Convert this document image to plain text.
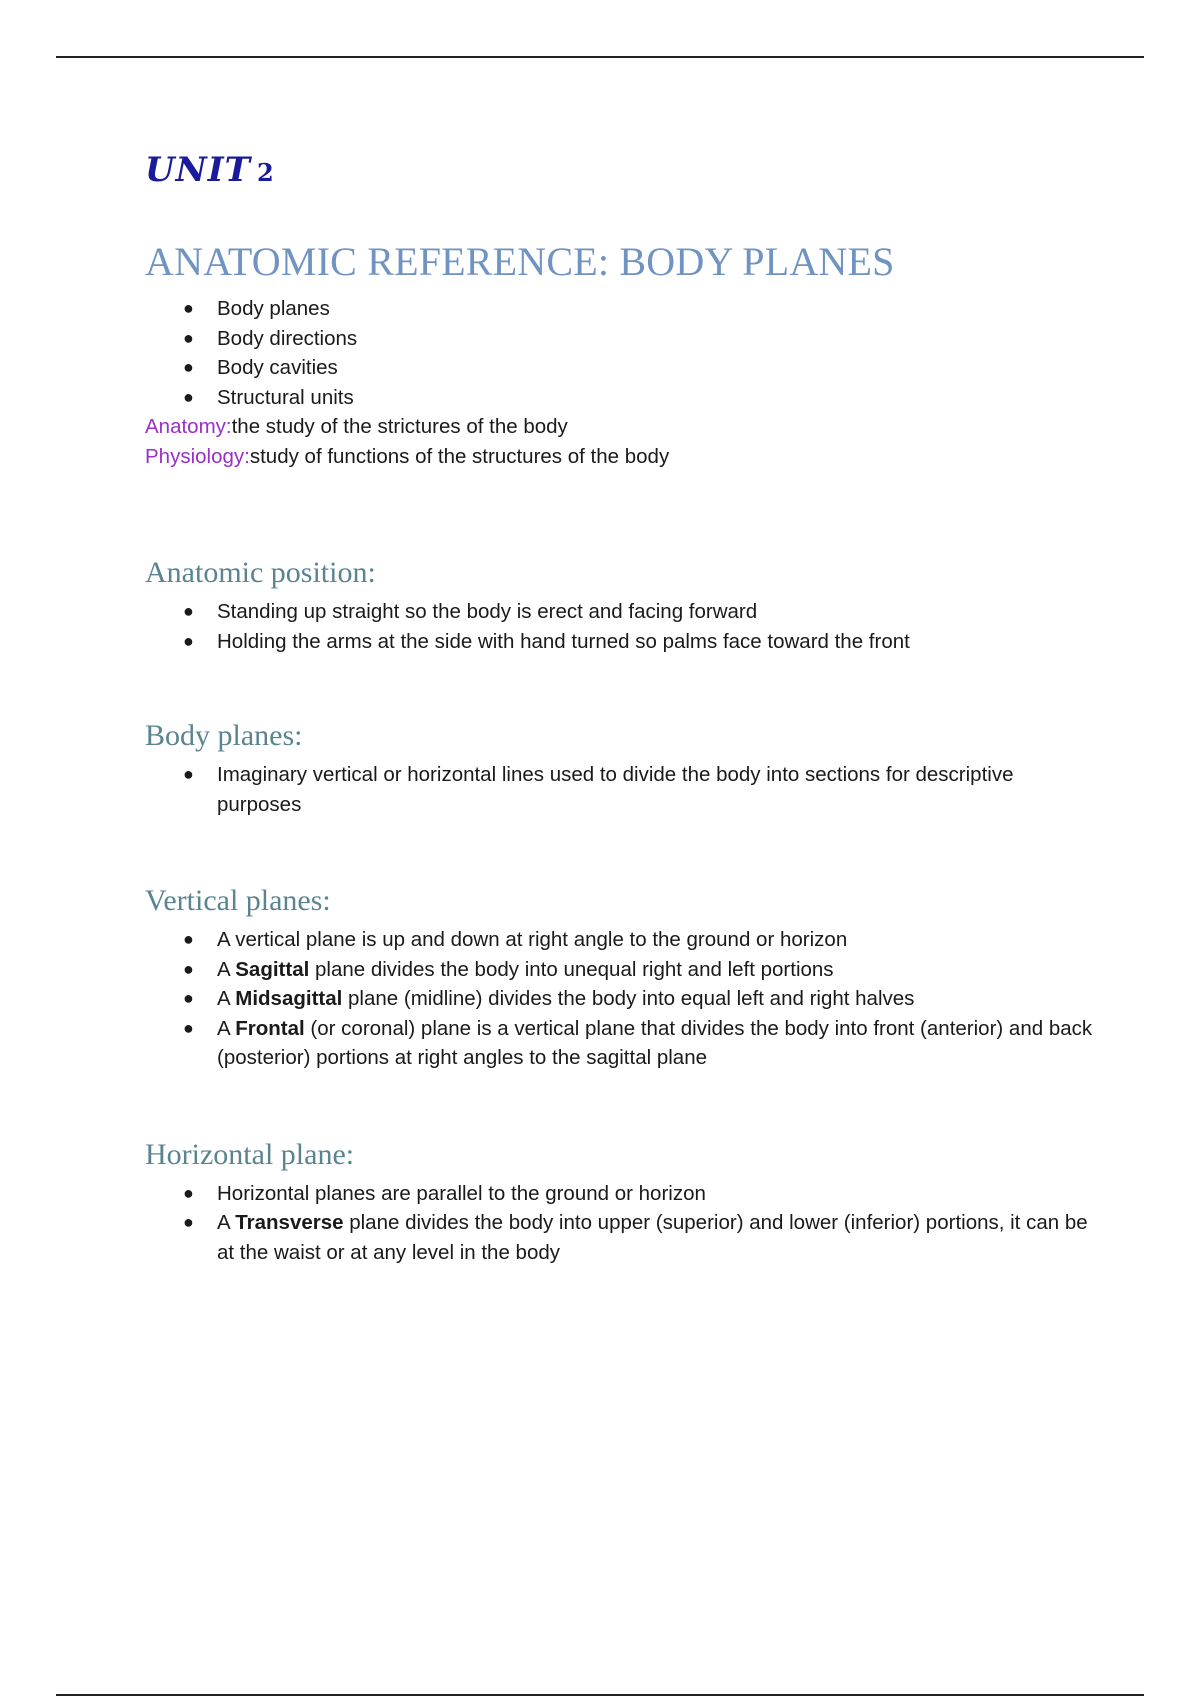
UNIT 2
ANATOMIC REFERENCE: BODY PLANES
● Body planes
● Body directions
● Body cavities
● Structural units
Anatomy:the study of the strictures of the body
Physiology:study of functions of the structures of the body
Anatomic position:
● Standing up straight so the body is erect and facing forward
● Holding the arms at the side with hand turned so palms face toward the front
Body planes:
● Imaginary vertical or horizontal lines used to divide the body into sections for descriptive purposes
Vertical planes:
● A vertical plane is up and down at right angle to the ground or horizon
● A Sagittal plane divides the body into unequal right and left portions
● A Midsagittal plane (midline) divides the body into equal left and right halves
● A Frontal (or coronal) plane is a vertical plane that divides the body into front (anterior) and back (posterior) portions at right angles to the sagittal plane
Horizontal plane:
● Horizontal planes are parallel to the ground or horizon
● A Transverse plane divides the body into upper (superior) and lower (inferior) portions, it can be at the waist or at any level in the body
